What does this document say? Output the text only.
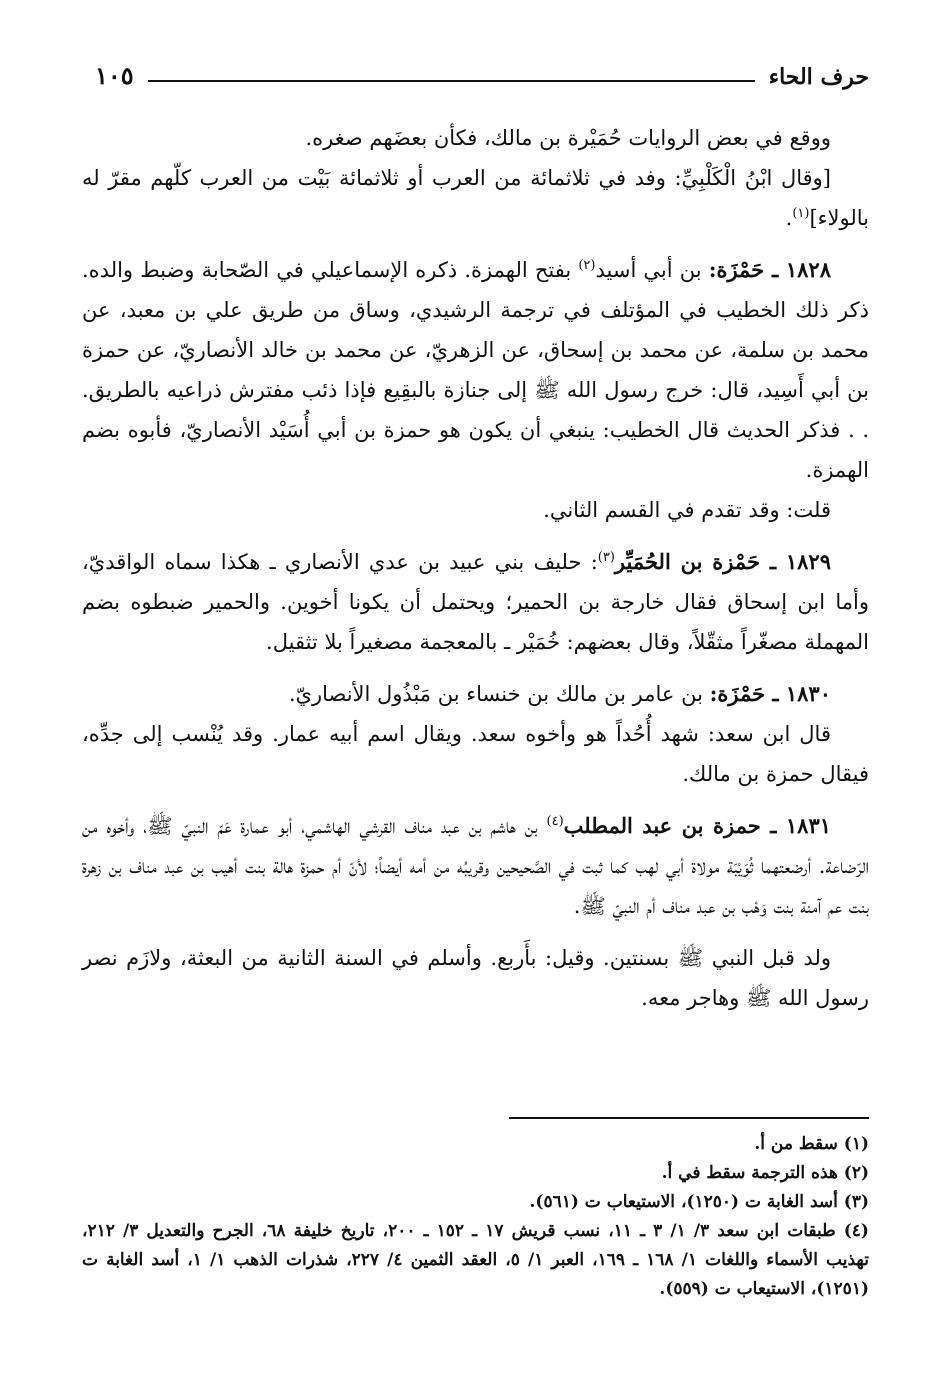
حرف الحاء
١٠٥

ووقع في بعض الروايات حُمَيْرة بن مالك، فكأن بعضَهم صغره.

[وقال ابْنُ الْكَلْبِيِّ: وفد في ثلاثمائة من العرب أو ثلاثمائة بَيْت من العرب كلّهم مقرّ له بالولاء]$^{(١)}$.

١٨٢٨ ـ حَمْزَة: بن أبي أسيد$^{(٢)}$ بفتح الهمزة. ذكره الإسماعيلي في الصّحابة وضبط والده. ذكر ذلك الخطيب في المؤتلف في ترجمة الرشيدي، وساق من طريق علي بن معبد، عن محمد بن سلمة، عن محمد بن إسحاق، عن الزهريّ، عن محمد بن خالد الأنصاريّ، عن حمزة بن أبي أَسِيد، قال: خرج رسول الله ﷺ إلى جنازة بالبقِيع فإذا ذئب مفترش ذراعيه بالطريق. . . فذكر الحديث قال الخطيب: ينبغي أن يكون هو حمزة بن أبي أُسَيْد الأنصاريّ، فأبوه بضم الهمزة.

قلت: وقد تقدم في القسم الثاني.

١٨٢٩ ـ حَمْزة بن الحُمَيِّر$^{(٣)}$: حليف بني عبيد بن عدي الأنصاري ـ هكذا سماه الواقديّ، وأما ابن إسحاق فقال خارجة بن الحمير؛ ويحتمل أن يكونا أخوين. والحمير ضبطوه بضم المهملة مصغّراً مثقّلاً، وقال بعضهم: خُمَيْر ـ بالمعجمة مصغيراً بلا تثقيل.

١٨٣٠ ـ حَمْزَة: بن عامر بن مالك بن خنساء بن مَبْذُول الأنصاريّ.

قال ابن سعد: شهد أُحُداً هو وأخوه سعد. ويقال اسم أبيه عمار. وقد يُنْسب إلى جدِّه، فيقال حمزة بن مالك.

١٨٣١ ـ حمزة بن عبد المطلب$^{(٤)}$ بن هاشم بن عبد مناف القرشي الهاشمي، أبو عمارة عَمّ النبيّ ﷺ، وأخوه من الرّضاعة. أرضعتهما ثُوَيْبَة مولاة أبي لهب كما ثبت في الصَّحيحين وقريبُه من أمه أيضاً؛ لأنّ أم حمزة هالة بنت أهيب بن عبد مناف بن زهرة بنت عم آمنة بنت وَهْب بن عبد مناف أم النبيّ ﷺ.

ولد قبل النبي ﷺ بسنتين. وقيل: بأَربع. وأسلم في السنة الثانية من البعثة، ولازَم نصر رسول الله ﷺ وهاجر معه.

(١) سقط من أ.

(٢) هذه الترجمة سقط في أ.

(٣) أسد الغابة ت (١٢٥٠)، الاستيعاب ت (٥٦١).

(٤) طبقات ابن سعد ٣/ ١/ ٣ ـ ١١، نسب قريش ١٧ ـ ١٥٢ ـ ٢٠٠، تاريخ خليفة ٦٨، الجرح والتعديل ٣/ ٢١٢، تهذيب الأسماء واللغات ١/ ١٦٨ ـ ١٦٩، العبر ١/ ٥، العقد الثمين ٤/ ٢٢٧، شذرات الذهب ١/ ١، أسد الغابة ت (١٢٥١)، الاستيعاب ت (٥٥٩).
